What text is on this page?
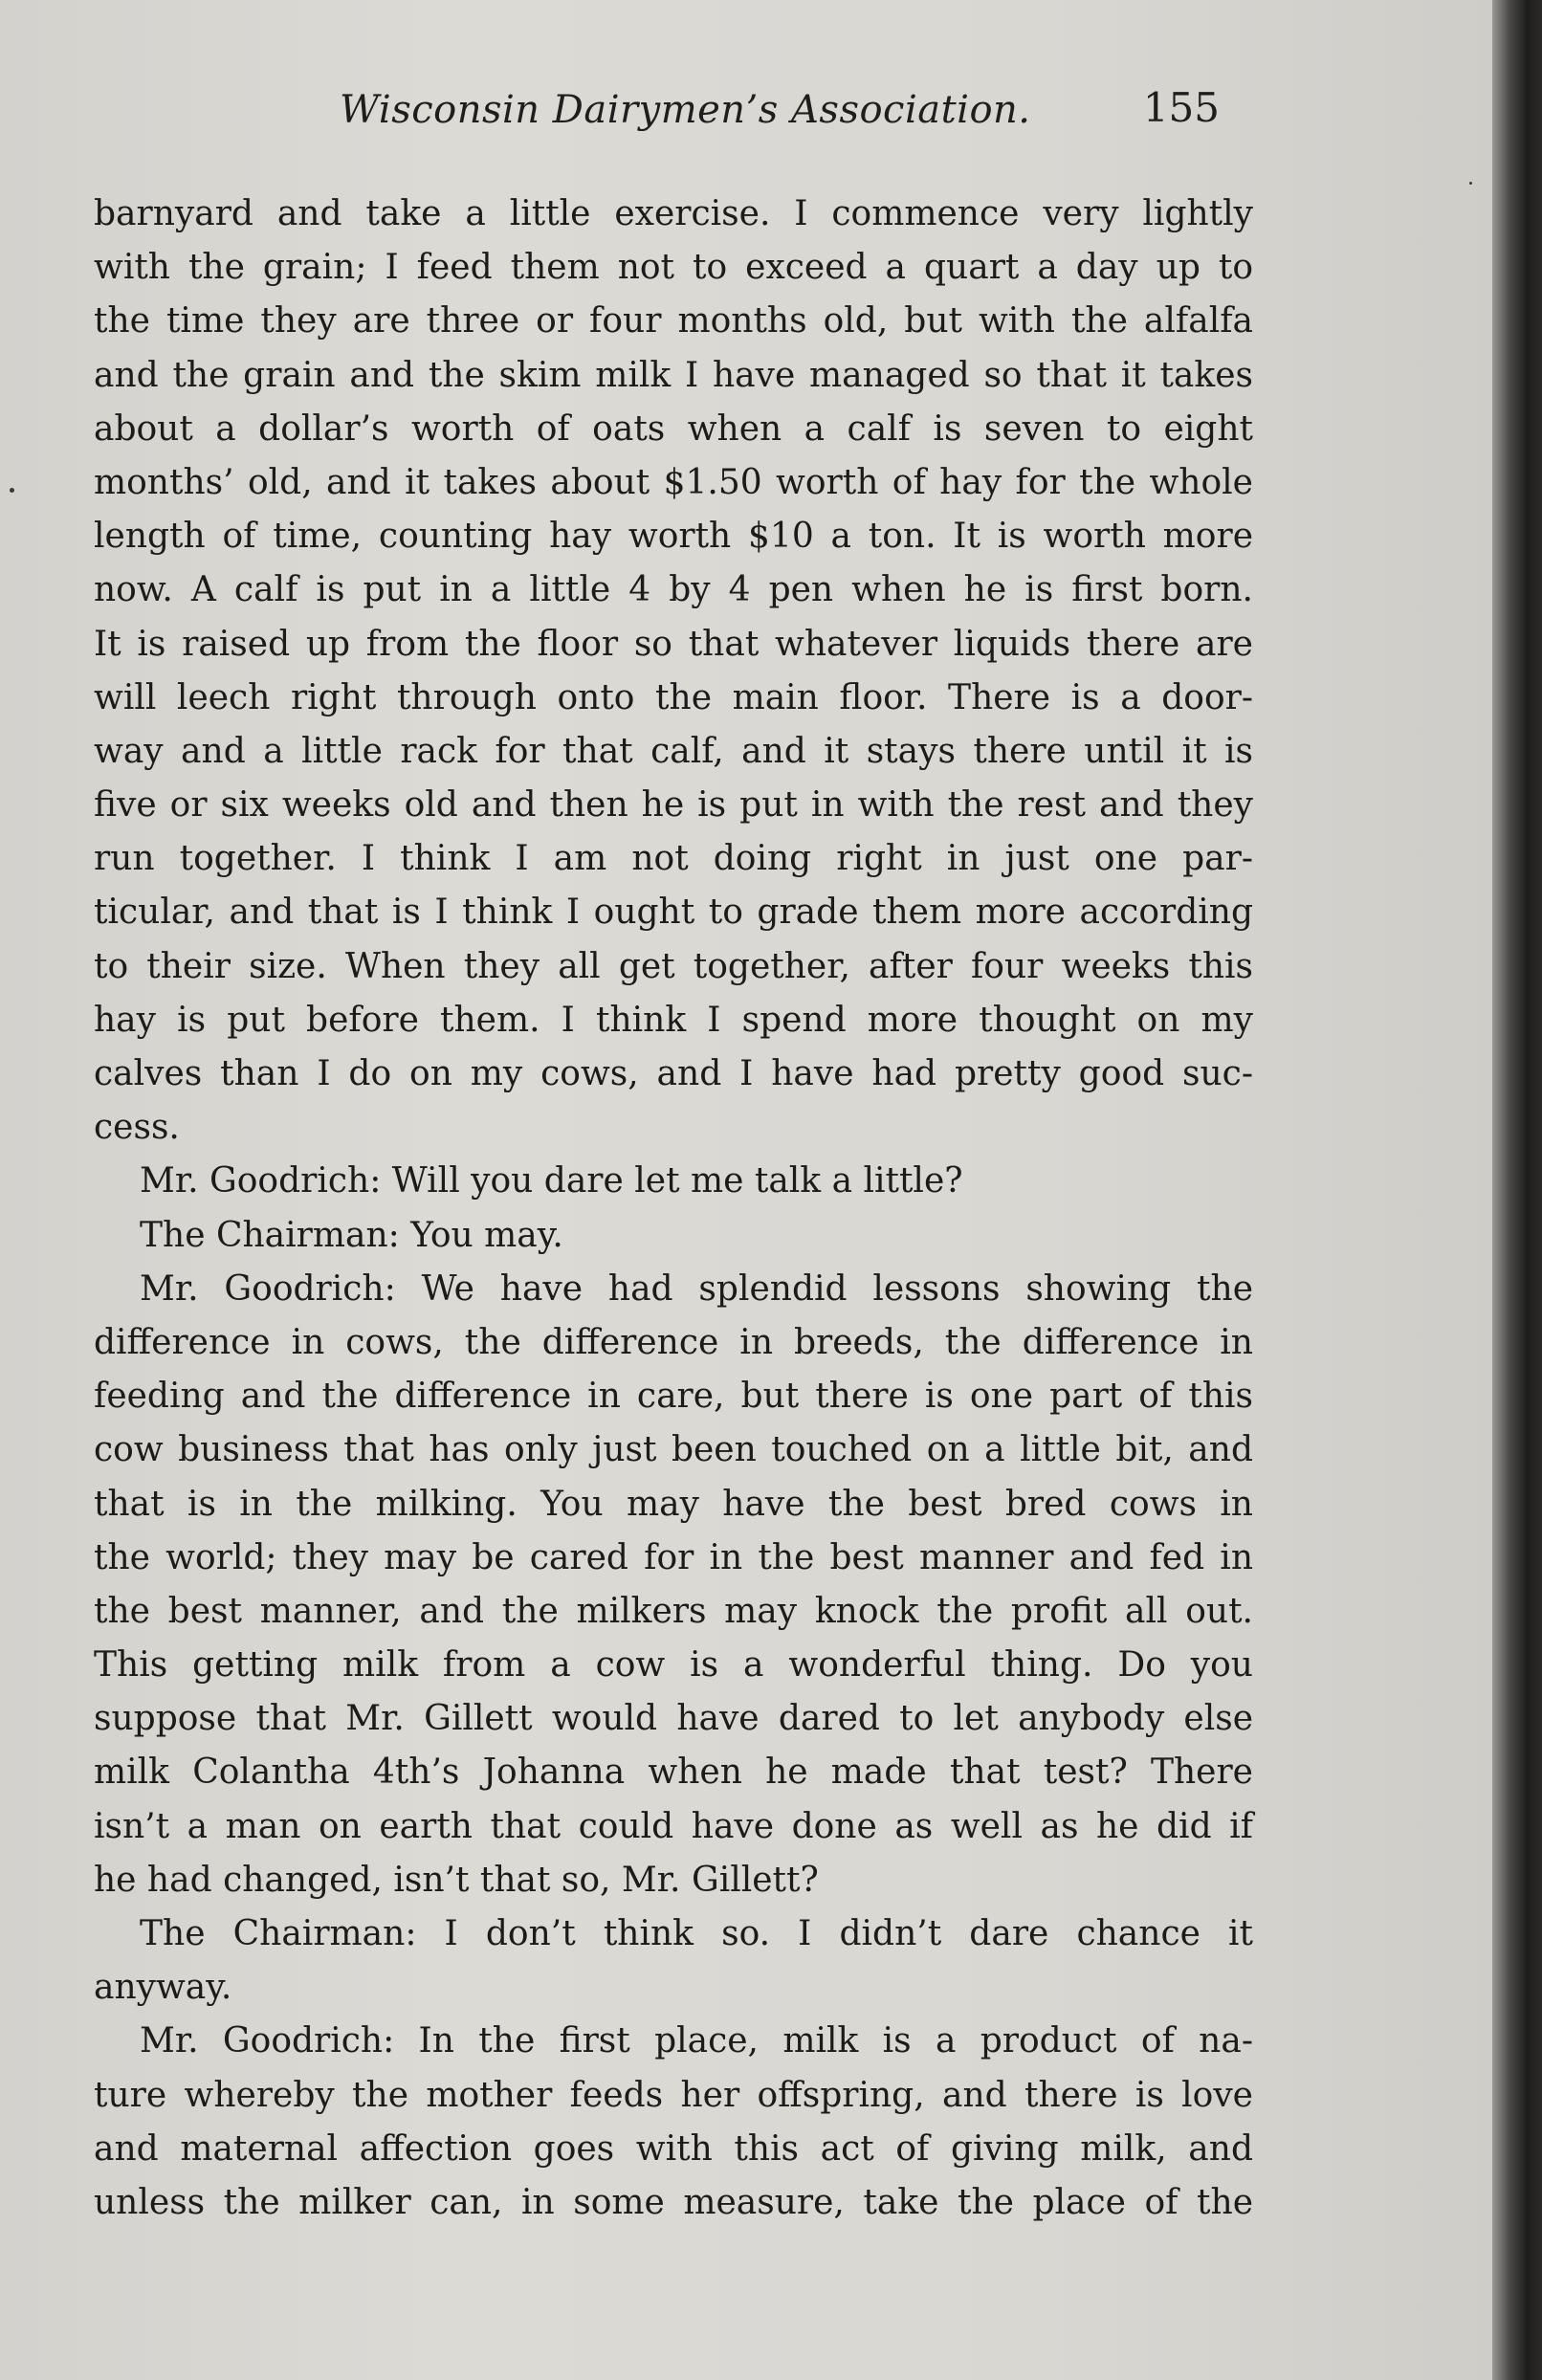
Wisconsin Dairymen’s Association.	155
barnyard and take a little exercise. I commence very lightly
with the grain; I feed them not to exceed a quart a day up to
the time they are three or four months old, but with the alfalfa
and the grain and the skim milk I have managed so that it takes
about a dollar’s worth of oats when a calf is seven to eight
months’ old, and it takes about $1.50 worth of hay for the whole
length of time, counting hay worth $10 a ton. It is worth more
now. A calf is put in a little 4 by 4 pen when he is first born.
It is raised up from the floor so that whatever liquids there are
will leech right through onto the main floor. There is a door-
way and a little rack for that calf, and it stays there until it is
five or six weeks old and then he is put in with the rest and they
run together. I think I am not doing right in just one par-
ticular, and that is I think I ought to grade them more according
to their size. When they all get together, after four weeks this
hay is put before them. I think I spend more thought on my
calves than I do on my cows, and I have had pretty good suc-
cess.
Mr. Goodrich: Will you dare let me talk a little?
The Chairman: You may.
Mr. Goodrich: We have had splendid lessons showing the
difference in cows, the difference in breeds, the difference in
feeding and the difference in care, but there is one part of this
cow business that has only just been touched on a little bit, and
that is in the milking. You may have the best bred cows in
the world; they may be cared for in the best manner and fed in
the best manner, and the milkers may knock the profit all out.
This getting milk from a cow is a wonderful thing. Do you
suppose that Mr. Gillett would have dared to let anybody else
milk Colantha 4th’s Johanna when he made that test? There
isn’t a man on earth that could have done as well as he did if
he had changed, isn’t that so, Mr. Gillett?
The Chairman: I don’t think so. I didn’t dare chance it
anyway.
Mr. Goodrich: In the first place, milk is a product of na-
ture whereby the mother feeds her offspring, and there is love
and maternal affection goes with this act of giving milk, and
unless the milker can, in some measure, take the place of the
